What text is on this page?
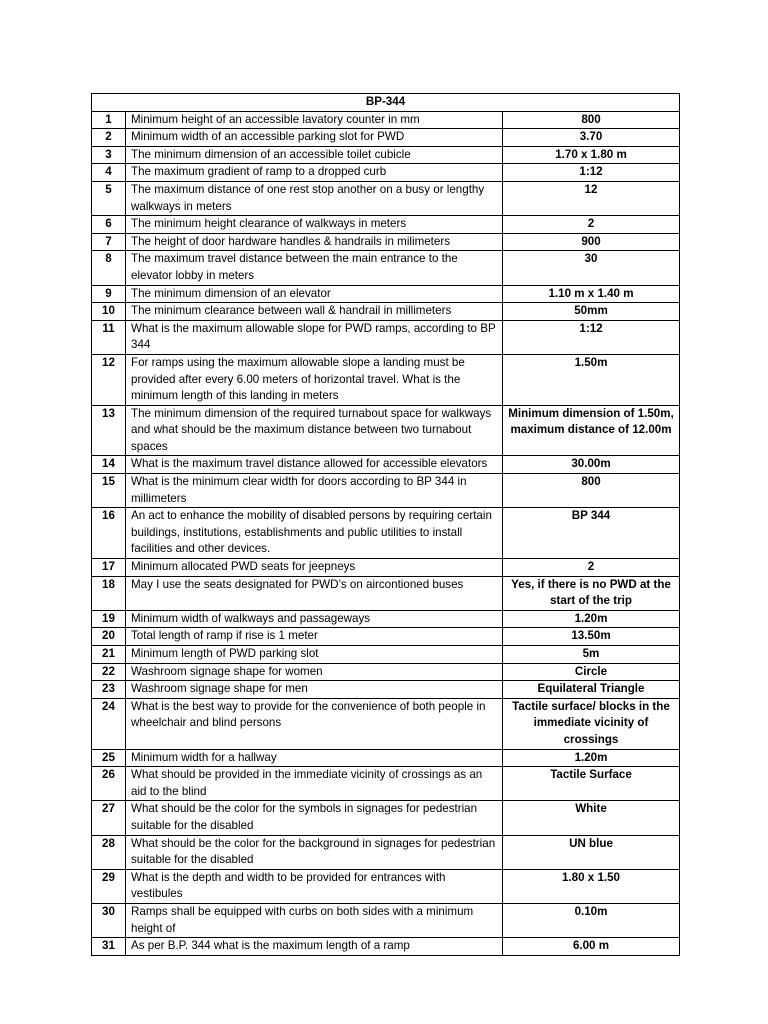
BP-344		
1	Minimum height of an accessible lavatory counter in mm	800
2	Minimum width of an accessible parking slot for PWD	3.70
3	The minimum dimension of an accessible toilet cubicle	1.70 x 1.80 m
4	The maximum gradient of ramp to a dropped curb	1:12
5	The maximum distance of one rest stop another on a busy or lengthy walkways in meters	12
6	The minimum height clearance of walkways in meters	2
7	The height of door hardware handles & handrails in milimeters	900
8	The maximum travel distance between the main entrance to the elevator lobby in meters	30
9	The minimum dimension of an elevator	1.10 m x 1.40 m
10	The minimum clearance between wall & handrail in millimeters	50mm
11	What is the maximum allowable slope for PWD ramps, according to BP 344	1:12
12	For ramps using the maximum allowable slope a landing must be provided after every 6.00 meters of horizontal travel. What is the minimum length of this landing in meters	1.50m
13	The minimum dimension of the required turnabout space for walkways and what should be the maximum distance between two turnabout spaces	Minimum dimension of 1.50m, maximum distance of 12.00m
14	What is the maximum travel distance allowed for accessible elevators	30.00m
15	What is the minimum clear width for doors according to BP 344 in millimeters	800
16	An act to enhance the mobility of disabled persons by requiring certain buildings, institutions, establishments and public utilities to install facilities and other devices.	BP 344
17	Minimum allocated PWD seats for jeepneys	2
18	May I use the seats designated for PWD’s on aircontioned buses	Yes, if there is no PWD at the start of the trip
19	Minimum width of walkways and passageways	1.20m
20	Total length of ramp if rise is 1 meter	13.50m
21	Minimum length of PWD parking slot	5m
22	Washroom signage shape for women	Circle
23	Washroom signage shape for men	Equilateral Triangle
24	What is the best way to provide for the convenience of both people in wheelchair and blind persons	Tactile surface/ blocks in the immediate vicinity of crossings
25	Minimum width for a hallway	1.20m
26	What should be provided in the immediate vicinity of crossings as an aid to the blind	Tactile Surface
27	What should be the color for the symbols in signages for pedestrian suitable for the disabled	White
28	What should be the color for the background in signages for pedestrian suitable for the disabled	UN blue
29	What is the depth and width to be provided for entrances with vestibules	1.80 x 1.50
30	Ramps shall be equipped with curbs on both sides with a minimum height of	0.10m
31	As per B.P. 344 what is the maximum length of a ramp	6.00 m
